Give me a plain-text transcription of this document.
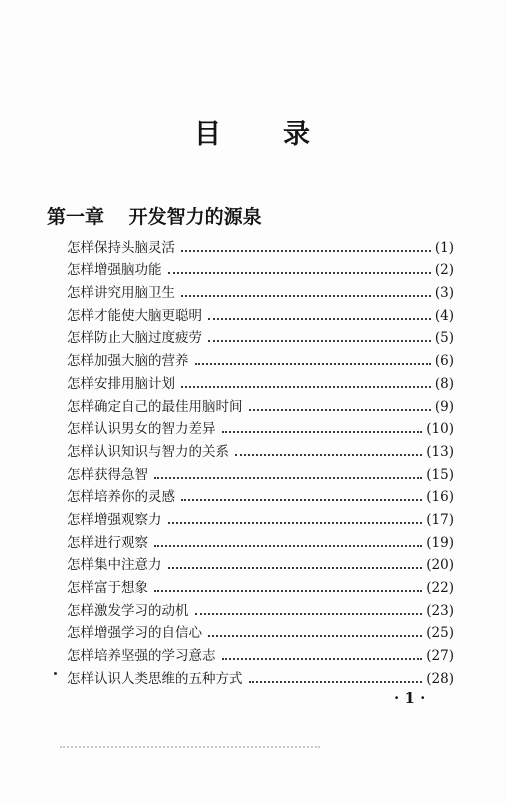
目 录
第一章 开发智力的源泉
怎样保持头脑灵活	(1)
怎样增强脑功能	(2)
怎样讲究用脑卫生	(3)
怎样才能使大脑更聪明	(4)
怎样防止大脑过度疲劳	(5)
怎样加强大脑的营养	(6)
怎样安排用脑计划	(8)
怎样确定自己的最佳用脑时间	(9)
怎样认识男女的智力差异	(10)
怎样认识知识与智力的关系	(13)
怎样获得急智	(15)
怎样培养你的灵感	(16)
怎样增强观察力	(17)
怎样进行观察	(19)
怎样集中注意力	(20)
怎样富于想象	(22)
怎样激发学习的动机	(23)
怎样增强学习的自信心	(25)
怎样培养坚强的学习意志	(27)
怎样认识人类思维的五种方式	(28)
· 1 ·
